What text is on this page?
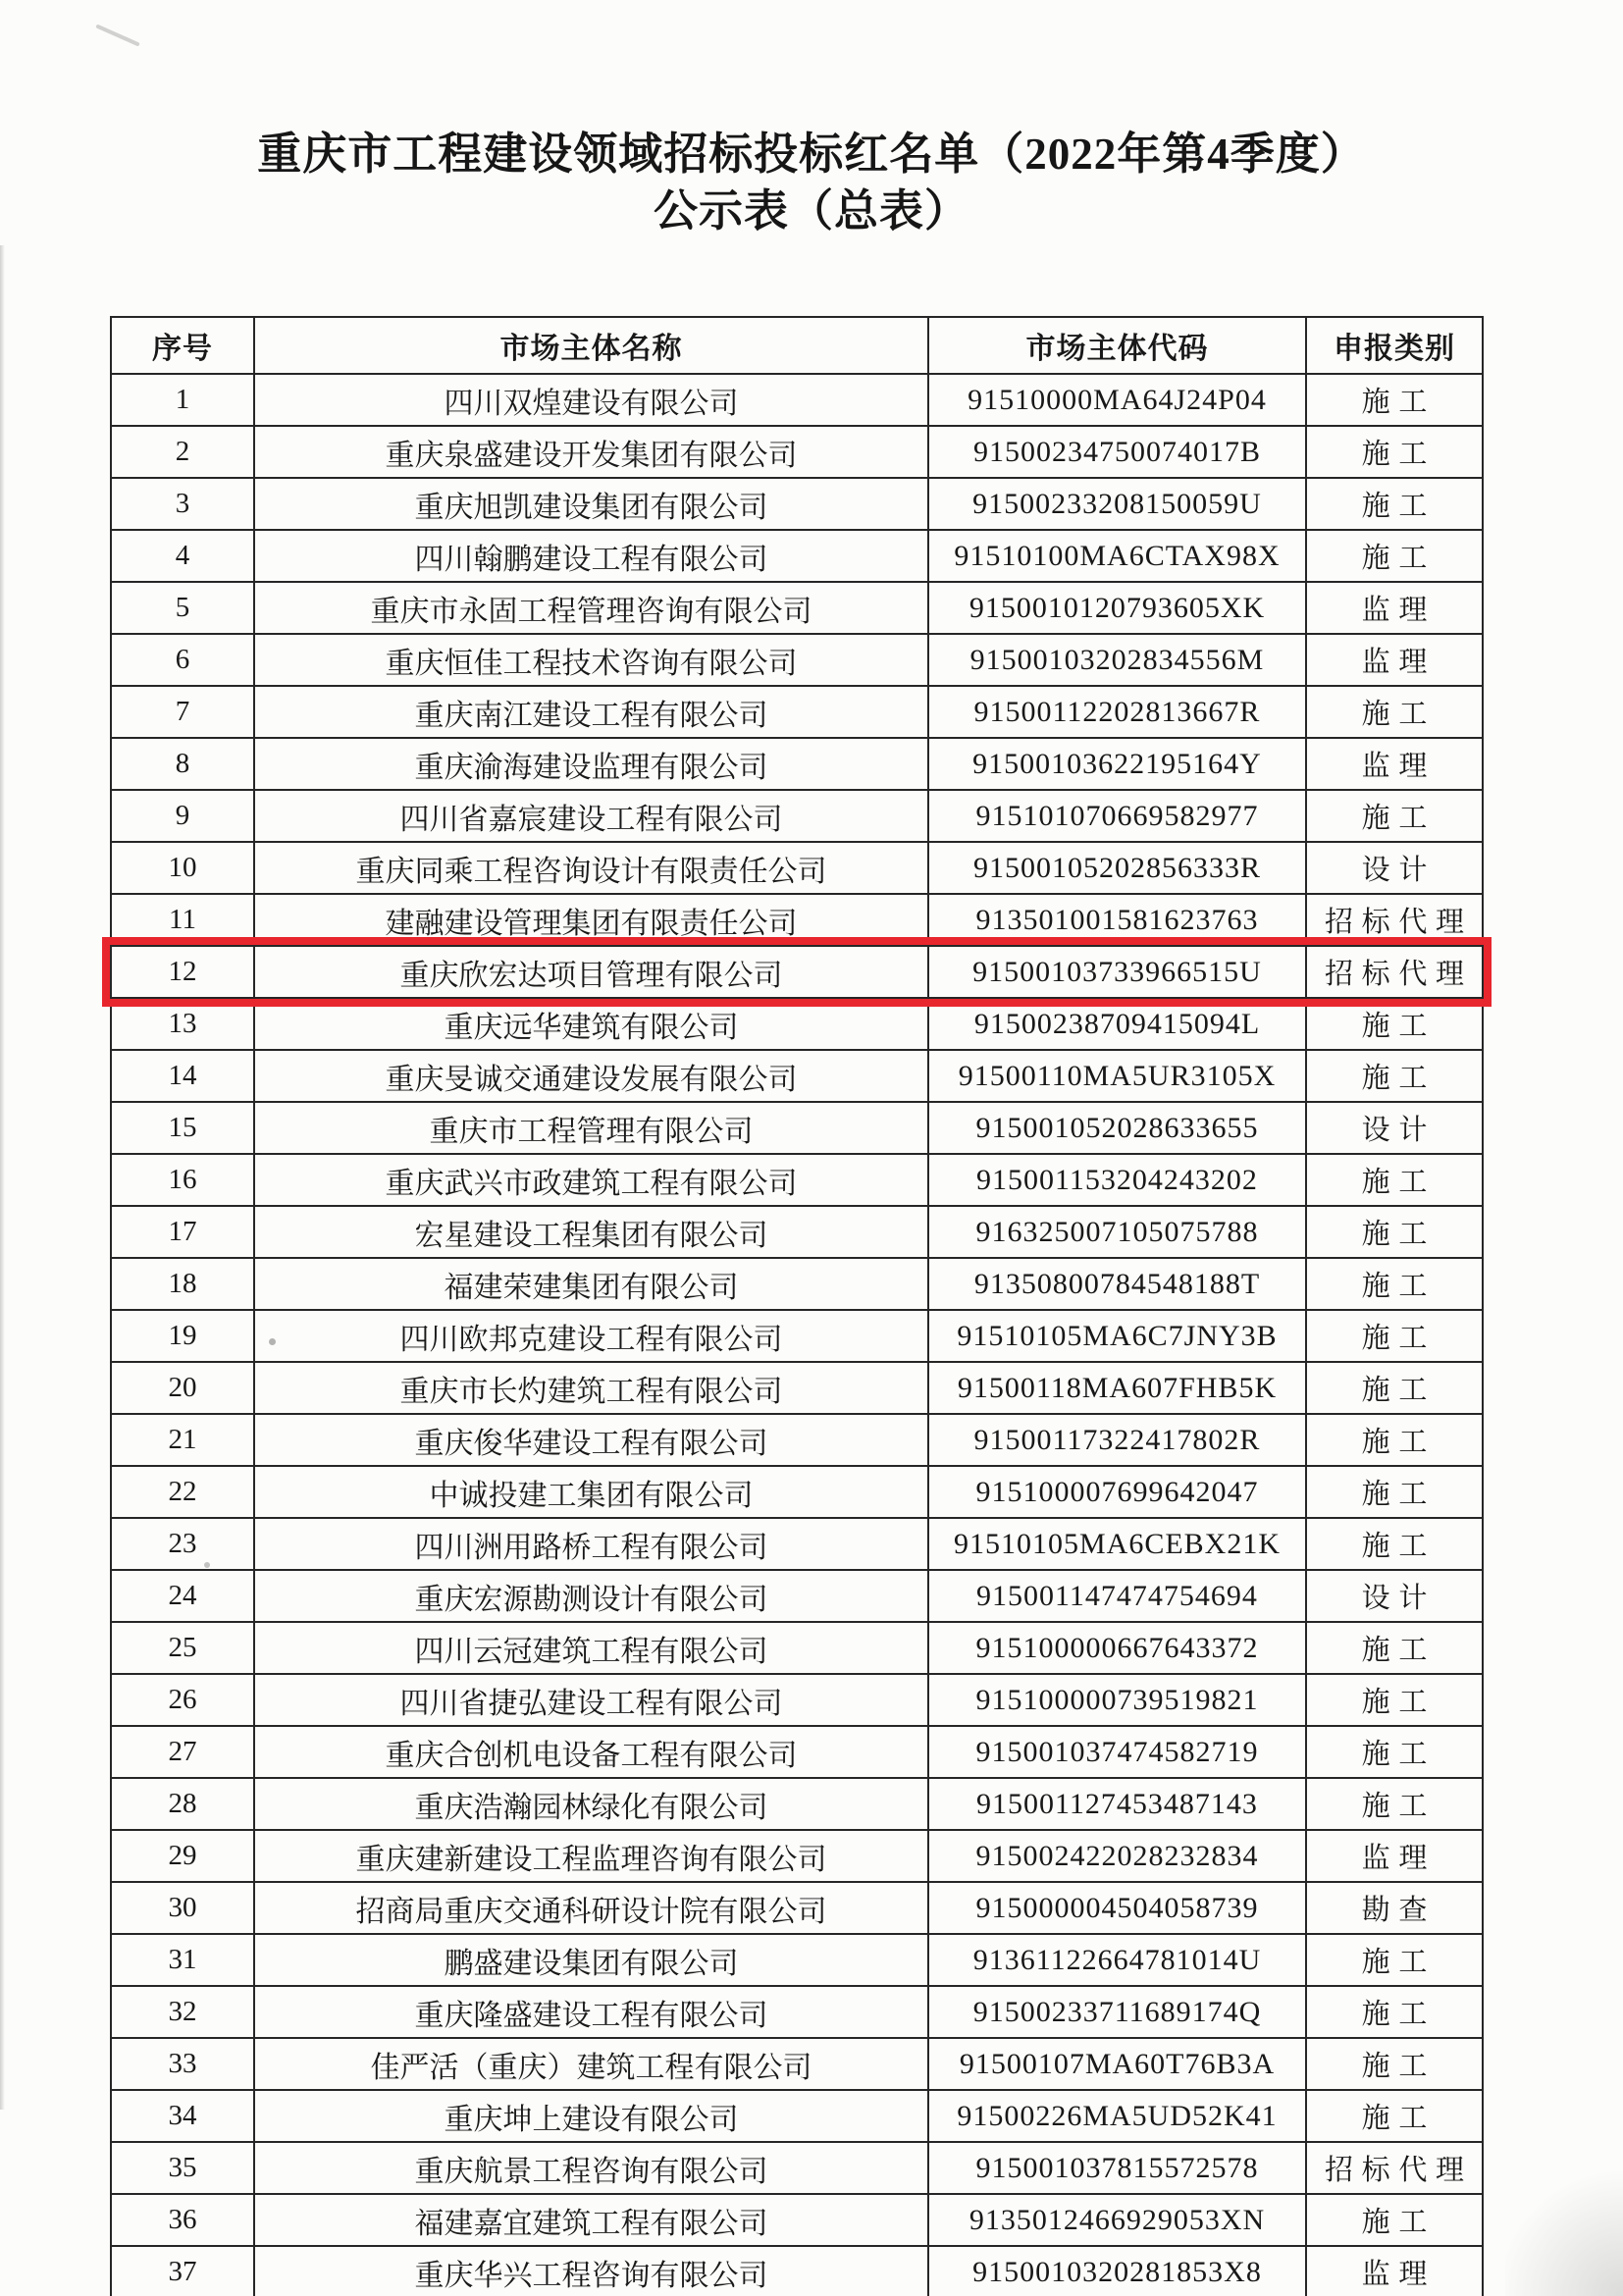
重庆市工程建设领域招标投标红名单（2022年第4季度）
公示表（总表）
序号	市场主体名称	市场主体代码	申报类别
1	四川双煌建设有限公司	91510000MA64J24P04	施工
2	重庆泉盛建设开发集团有限公司	91500234750074017B	施工
3	重庆旭凯建设集团有限公司	91500233208150059U	施工
4	四川翰鹏建设工程有限公司	91510100MA6CTAX98X	施工
5	重庆市永固工程管理咨询有限公司	9150010120793605XK	监理
6	重庆恒佳工程技术咨询有限公司	91500103202834556M	监理
7	重庆南江建设工程有限公司	91500112202813667R	施工
8	重庆渝海建设监理有限公司	91500103622195164Y	监理
9	四川省嘉宸建设工程有限公司	915101070669582977	施工
10	重庆同乘工程咨询设计有限责任公司	91500105202856333R	设计
11	建融建设管理集团有限责任公司	913501001581623763	招标代理
12	重庆欣宏达项目管理有限公司	91500103733966515U	招标代理
13	重庆远华建筑有限公司	91500238709415094L	施工
14	重庆旻诚交通建设发展有限公司	91500110MA5UR3105X	施工
15	重庆市工程管理有限公司	915001052028633655	设计
16	重庆武兴市政建筑工程有限公司	915001153204243202	施工
17	宏星建设工程集团有限公司	916325007105075788	施工
18	福建荣建集团有限公司	91350800784548188T	施工
19	四川欧邦克建设工程有限公司	91510105MA6C7JNY3B	施工
20	重庆市长灼建筑工程有限公司	91500118MA607FHB5K	施工
21	重庆俊华建设工程有限公司	91500117322417802R	施工
22	中诚投建工集团有限公司	915100007699642047	施工
23	四川洲用路桥工程有限公司	91510105MA6CEBX21K	施工
24	重庆宏源勘测设计有限公司	915001147474754694	设计
25	四川云冠建筑工程有限公司	915100000667643372	施工
26	四川省捷弘建设工程有限公司	915100000739519821	施工
27	重庆合创机电设备工程有限公司	915001037474582719	施工
28	重庆浩瀚园林绿化有限公司	915001127453487143	施工
29	重庆建新建设工程监理咨询有限公司	915002422028232834	监理
30	招商局重庆交通科研设计院有限公司	915000004504058739	勘查
31	鹏盛建设集团有限公司	91361122664781014U	施工
32	重庆隆盛建设工程有限公司	91500233711689174Q	施工
33	佳严活（重庆）建筑工程有限公司	91500107MA60T76B3A	施工
34	重庆坤上建设有限公司	91500226MA5UD52K41	施工
35	重庆航景工程咨询有限公司	915001037815572578	招标代理
36	福建嘉宜建筑工程有限公司	9135012466929053XN	施工
37	重庆华兴工程咨询有限公司	9150010320281853X8	监理
